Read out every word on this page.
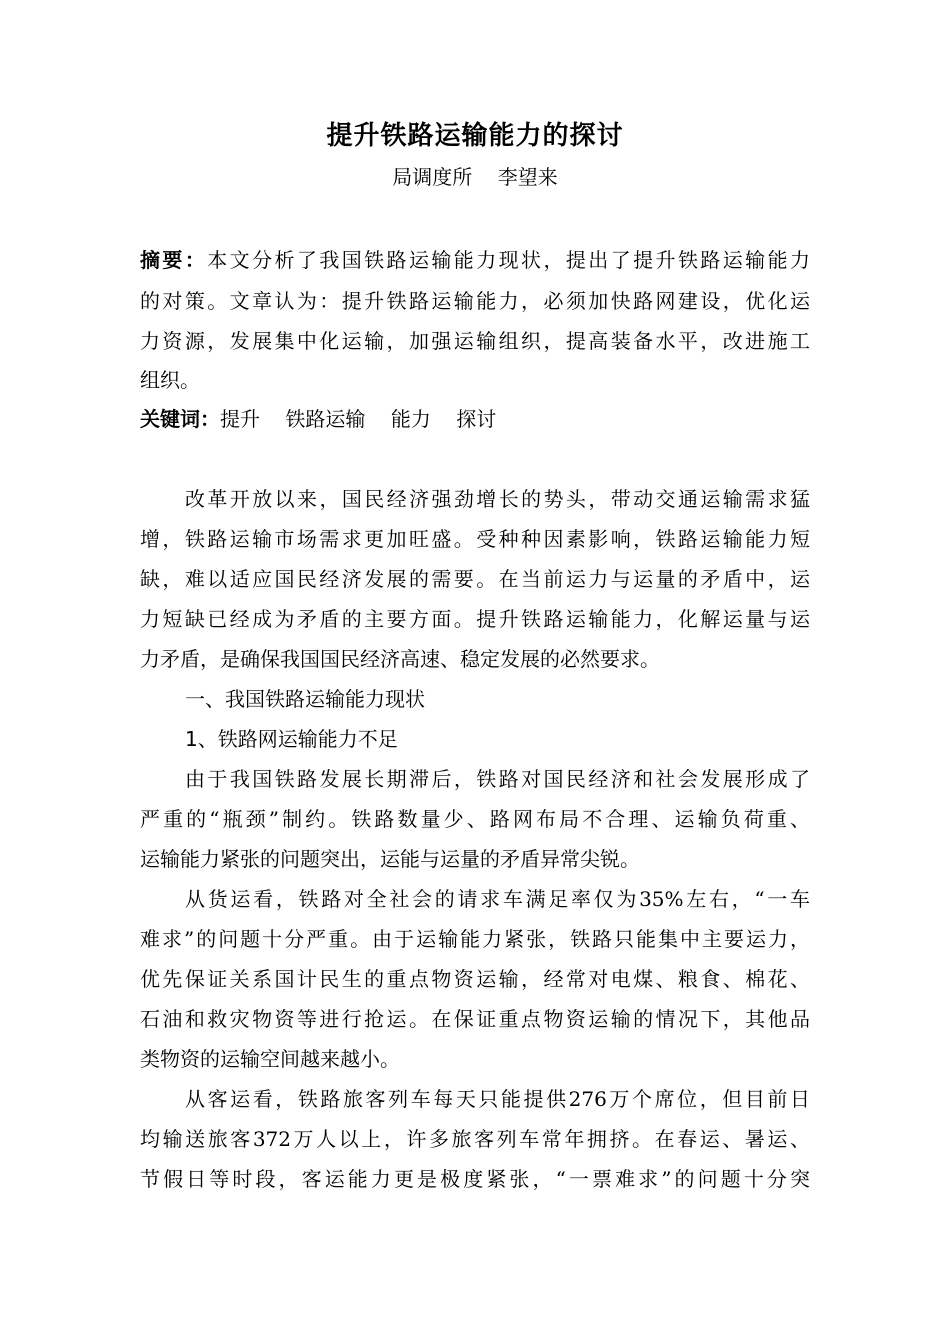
提升铁路运输能力的探讨
局调度所    李望来
摘要：本文分析了我国铁路运输能力现状，提出了提升铁路运输能力
的对策。文章认为：提升铁路运输能力，必须加快路网建设，优化运
力资源，发展集中化运输，加强运输组织，提高装备水平，改进施工
组织。
关键词：提升    铁路运输    能力    探讨
改革开放以来，国民经济强劲增长的势头，带动交通运输需求猛
增，铁路运输市场需求更加旺盛。受种种因素影响，铁路运输能力短
缺，难以适应国民经济发展的需要。在当前运力与运量的矛盾中，运
力短缺已经成为矛盾的主要方面。提升铁路运输能力，化解运量与运
力矛盾，是确保我国国民经济高速、稳定发展的必然要求。
一、我国铁路运输能力现状
1、铁路网运输能力不足
由于我国铁路发展长期滞后，铁路对国民经济和社会发展形成了
严重的“瓶颈”制约。铁路数量少、路网布局不合理、运输负荷重、
运输能力紧张的问题突出，运能与运量的矛盾异常尖锐。
从货运看，铁路对全社会的请求车满足率仅为35%左右，“一车
难求”的问题十分严重。由于运输能力紧张，铁路只能集中主要运力，
优先保证关系国计民生的重点物资运输，经常对电煤、粮食、棉花、
石油和救灾物资等进行抢运。在保证重点物资运输的情况下，其他品
类物资的运输空间越来越小。
从客运看，铁路旅客列车每天只能提供276万个席位，但目前日
均输送旅客372万人以上，许多旅客列车常年拥挤。在春运、暑运、
节假日等时段，客运能力更是极度紧张，“一票难求”的问题十分突
